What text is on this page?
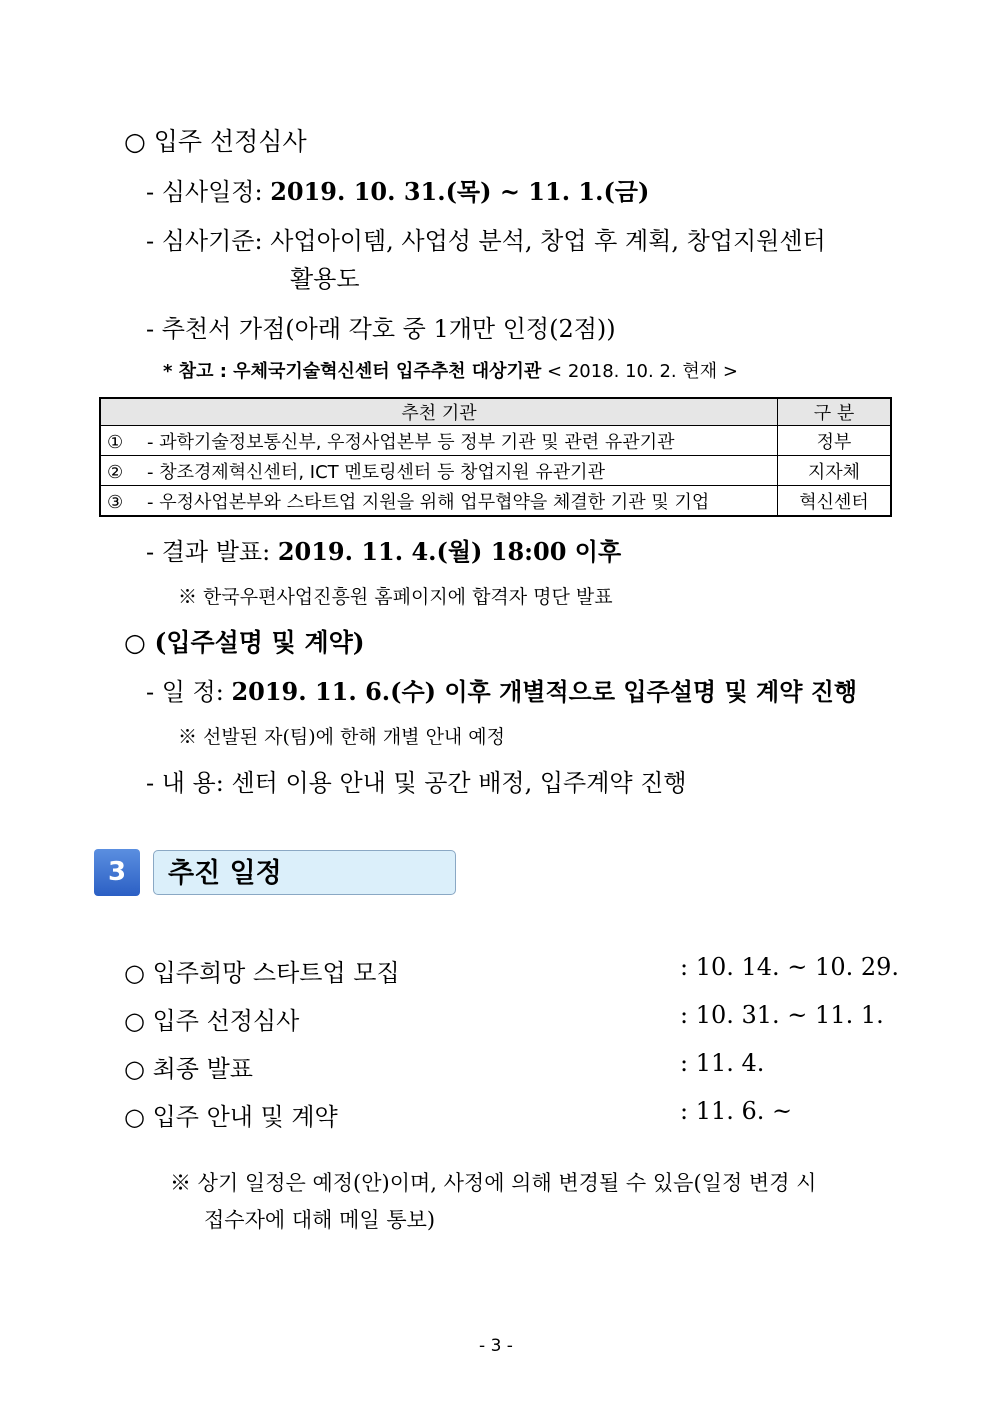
○ 입주 선정심사
- 심사일정: 2019. 10. 31.(목) ~ 11. 1.(금)
- 심사기준: 사업아이템, 사업성 분석, 창업 후 계획, 창업지원센터
활용도
- 추천서 가점(아래 각호 중 1개만 인정(2점))
* 참고 : 우체국기술혁신센터 입주추천 대상기관 < 2018. 10. 2. 현재 >
추천 기관	구 분
① - 과학기술정보통신부, 우정사업본부 등 정부 기관 및 관련 유관기관	정부
② - 창조경제혁신센터, ICT 멘토링센터 등 창업지원 유관기관	지자체
③ - 우정사업본부와 스타트업 지원을 위해 업무협약을 체결한 기관 및 기업	혁신센터
- 결과 발표: 2019. 11. 4.(월) 18:00 이후
※ 한국우편사업진흥원 홈페이지에 합격자 명단 발표
○ (입주설명 및 계약)
- 일 정: 2019. 11. 6.(수) 이후 개별적으로 입주설명 및 계약 진행
※ 선발된 자(팀)에 한해 개별 안내 예정
- 내 용: 센터 이용 안내 및 공간 배정, 입주계약 진행
3	추진 일정
○ 입주희망 스타트업 모집	: 10. 14. ~ 10. 29.
○ 입주 선정심사	: 10. 31. ~ 11. 1.
○ 최종 발표	: 11. 4.
○ 입주 안내 및 계약	: 11. 6. ~
※ 상기 일정은 예정(안)이며, 사정에 의해 변경될 수 있음(일정 변경 시
접수자에 대해 메일 통보)
- 3 -
